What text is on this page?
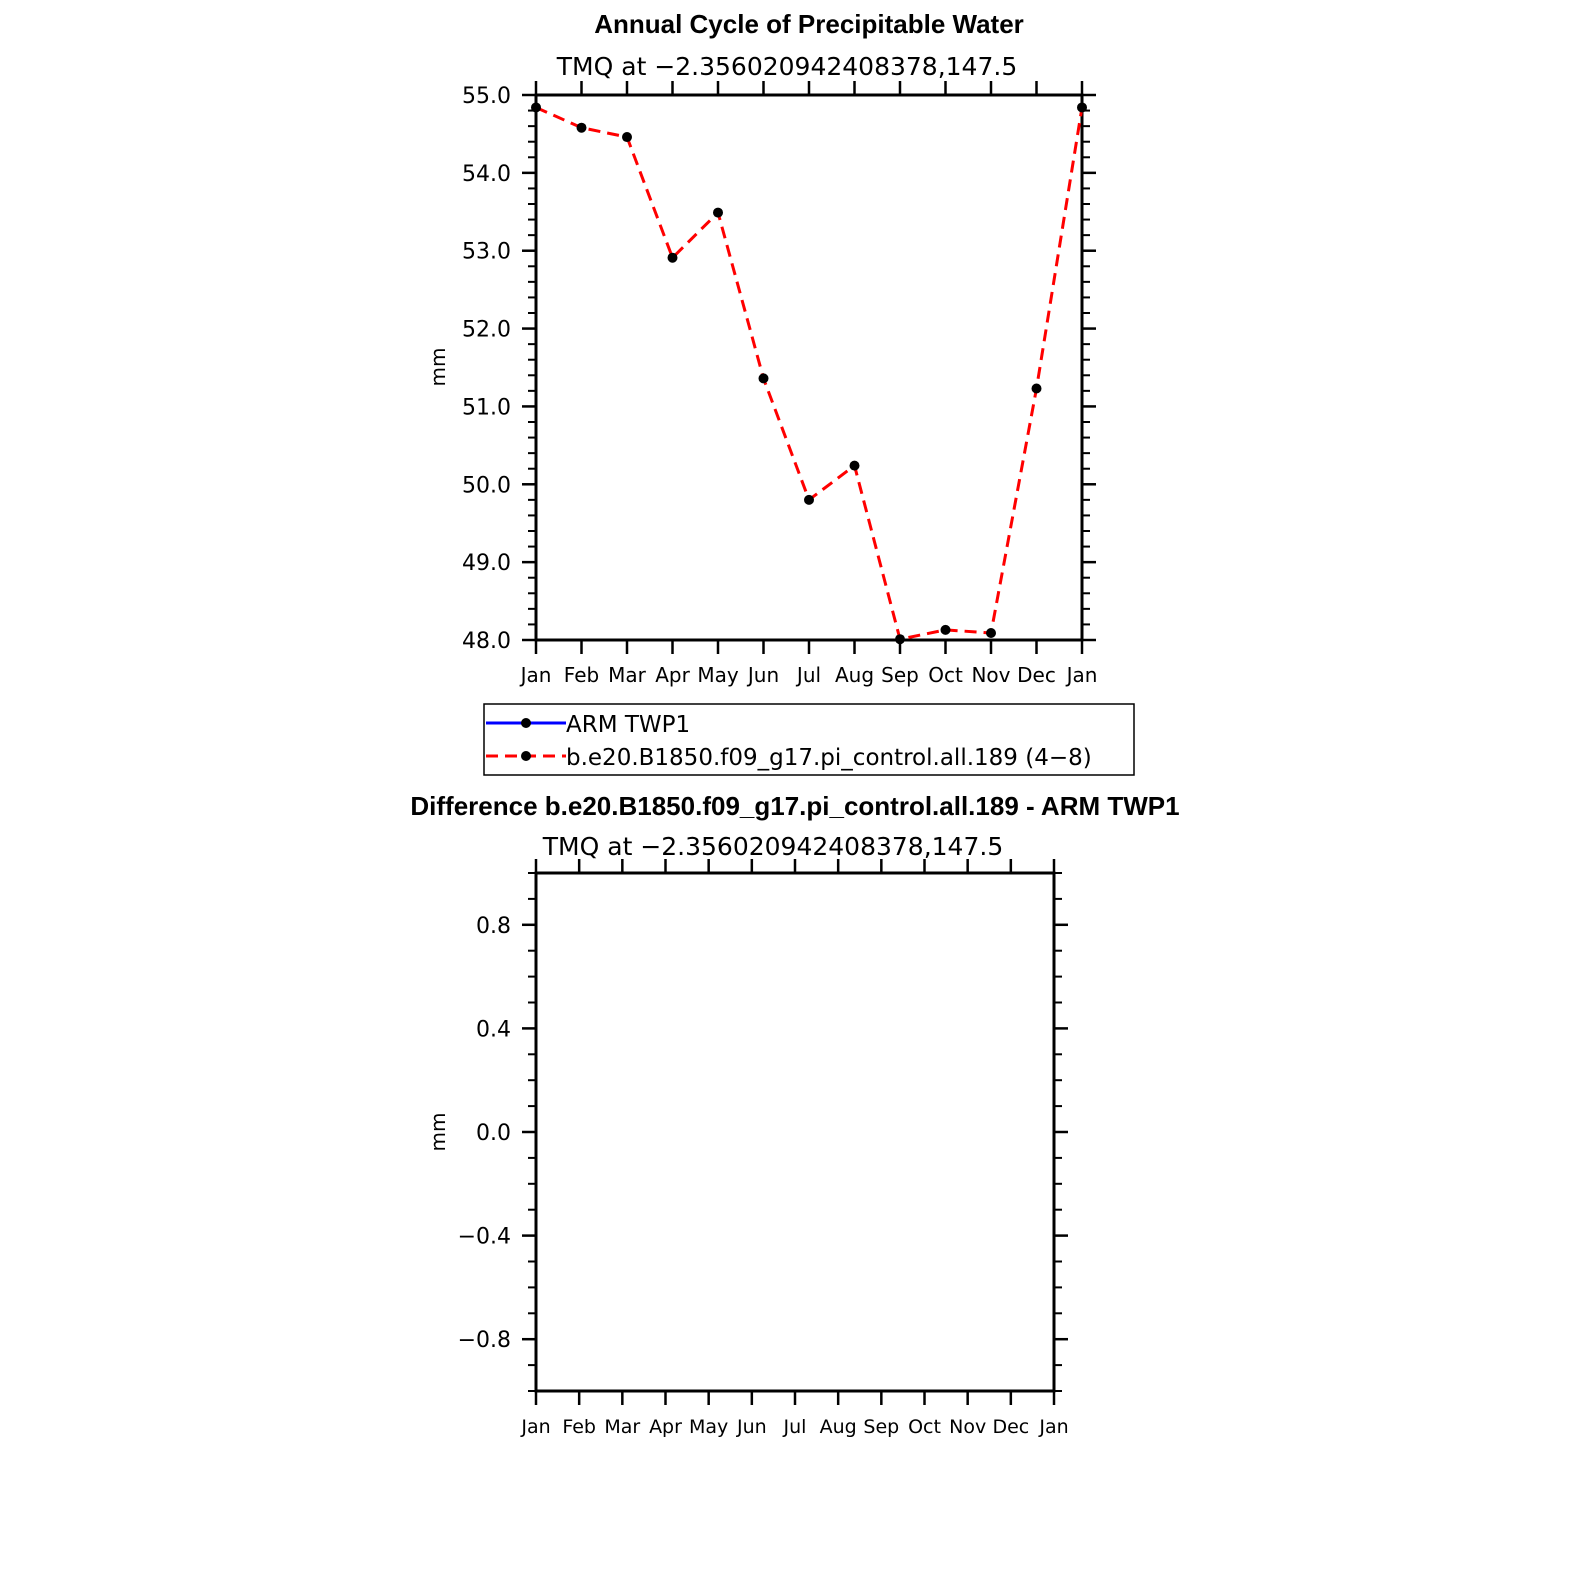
Annual Cycle of Precipitable Water
TMQ at −2.356020942408378,147.5
mm
Jan Feb Mar Apr May Jun Jul Aug Sep Oct Nov Dec Jan
48.0
49.0
50.0
51.0
52.0
53.0
54.0
55.0
ARM TWP1
b.e20.B1850.f09_g17.pi_control.all.189 (4−8)
Difference b.e20.B1850.f09_g17.pi_control.all.189 - ARM TWP1
TMQ at −2.356020942408378,147.5
mm
Jan Feb Mar Apr May Jun Jul Aug Sep Oct Nov Dec Jan
−0.8
−0.4
0.0
0.4
0.8
